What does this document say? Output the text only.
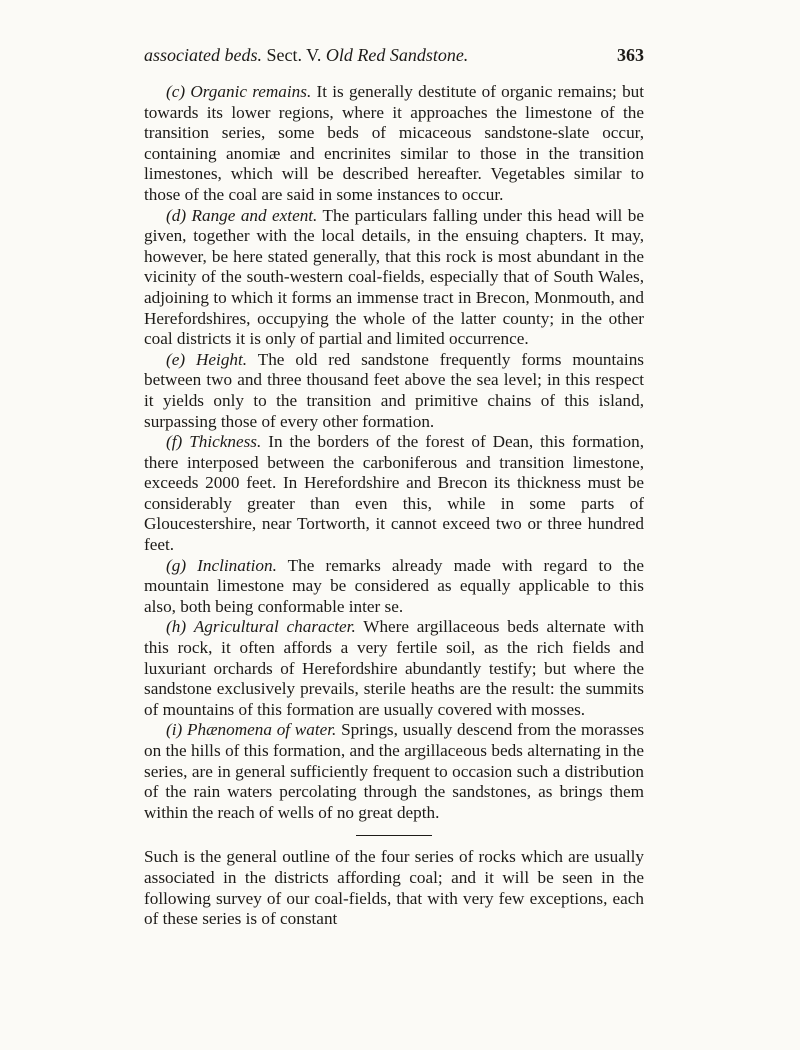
associated beds. Sect. V. Old Red Sandstone.	363

(c) Organic remains. It is generally destitute of organic remains; but towards its lower regions, where it approaches the limestone of the transition series, some beds of micaceous sandstone-slate occur, containing anomiæ and encrinites similar to those in the transition limestones, which will be described hereafter. Vegetables similar to those of the coal are said in some instances to occur.

(d) Range and extent. The particulars falling under this head will be given, together with the local details, in the ensuing chapters. It may, however, be here stated generally, that this rock is most abundant in the vicinity of the south-western coal-fields, especially that of South Wales, adjoining to which it forms an immense tract in Brecon, Monmouth, and Herefordshires, occupying the whole of the latter county; in the other coal districts it is only of partial and limited occurrence.

(e) Height. The old red sandstone frequently forms mountains between two and three thousand feet above the sea level; in this respect it yields only to the transition and primitive chains of this island, surpassing those of every other formation.

(f) Thickness. In the borders of the forest of Dean, this formation, there interposed between the carboniferous and transition limestone, exceeds 2000 feet. In Herefordshire and Brecon its thickness must be considerably greater than even this, while in some parts of Gloucestershire, near Tortworth, it cannot exceed two or three hundred feet.

(g) Inclination. The remarks already made with regard to the mountain limestone may be considered as equally applicable to this also, both being conformable inter se.

(h) Agricultural character. Where argillaceous beds alternate with this rock, it often affords a very fertile soil, as the rich fields and luxuriant orchards of Herefordshire abundantly testify; but where the sandstone exclusively prevails, sterile heaths are the result: the summits of mountains of this formation are usually covered with mosses.

(i) Phænomena of water. Springs, usually descend from the morasses on the hills of this formation, and the argillaceous beds alternating in the series, are in general sufficiently frequent to occasion such a distribution of the rain waters percolating through the sandstones, as brings them within the reach of wells of no great depth.

Such is the general outline of the four series of rocks which are usually associated in the districts affording coal; and it will be seen in the following survey of our coal-fields, that with very few exceptions, each of these series is of constant
